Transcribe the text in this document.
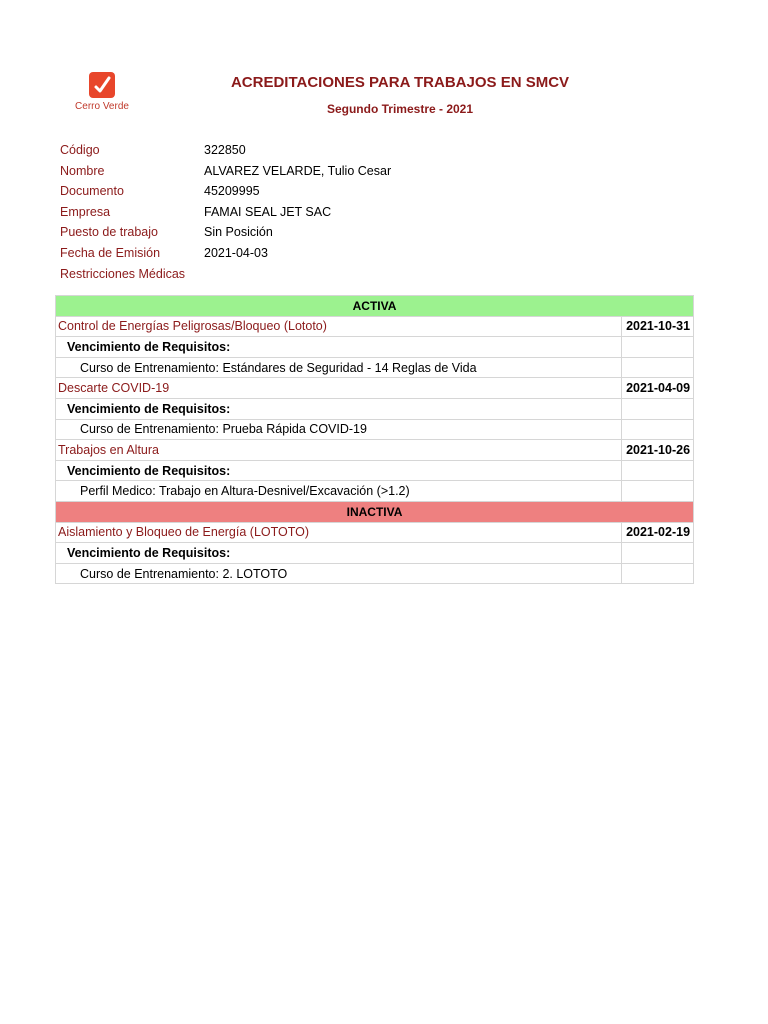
Cerro Verde
ACREDITACIONES PARA TRABAJOS EN SMCV
Segundo Trimestre - 2021
Código	322850
Nombre	ALVAREZ VELARDE, Tulio Cesar
Documento	45209995
Empresa	FAMAI SEAL JET SAC
Puesto de trabajo	Sin Posición
Fecha de Emisión	2021-04-03
Restricciones Médicas
ACTIVA	
Control de Energías Peligrosas/Bloqueo (Lototo)	2021-10-31
Vencimiento de Requisitos:	
Curso de Entrenamiento: Estándares de Seguridad - 14 Reglas de Vida	
Descarte COVID-19	2021-04-09
Vencimiento de Requisitos:	
Curso de Entrenamiento: Prueba Rápida COVID-19	
Trabajos en Altura	2021-10-26
Vencimiento de Requisitos:	
Perfil Medico: Trabajo en Altura-Desnivel/Excavación (>1.2)	
INACTIVA	
Aislamiento y Bloqueo de Energía (LOTOTO)	2021-02-19
Vencimiento de Requisitos:	
Curso de Entrenamiento: 2. LOTOTO	
